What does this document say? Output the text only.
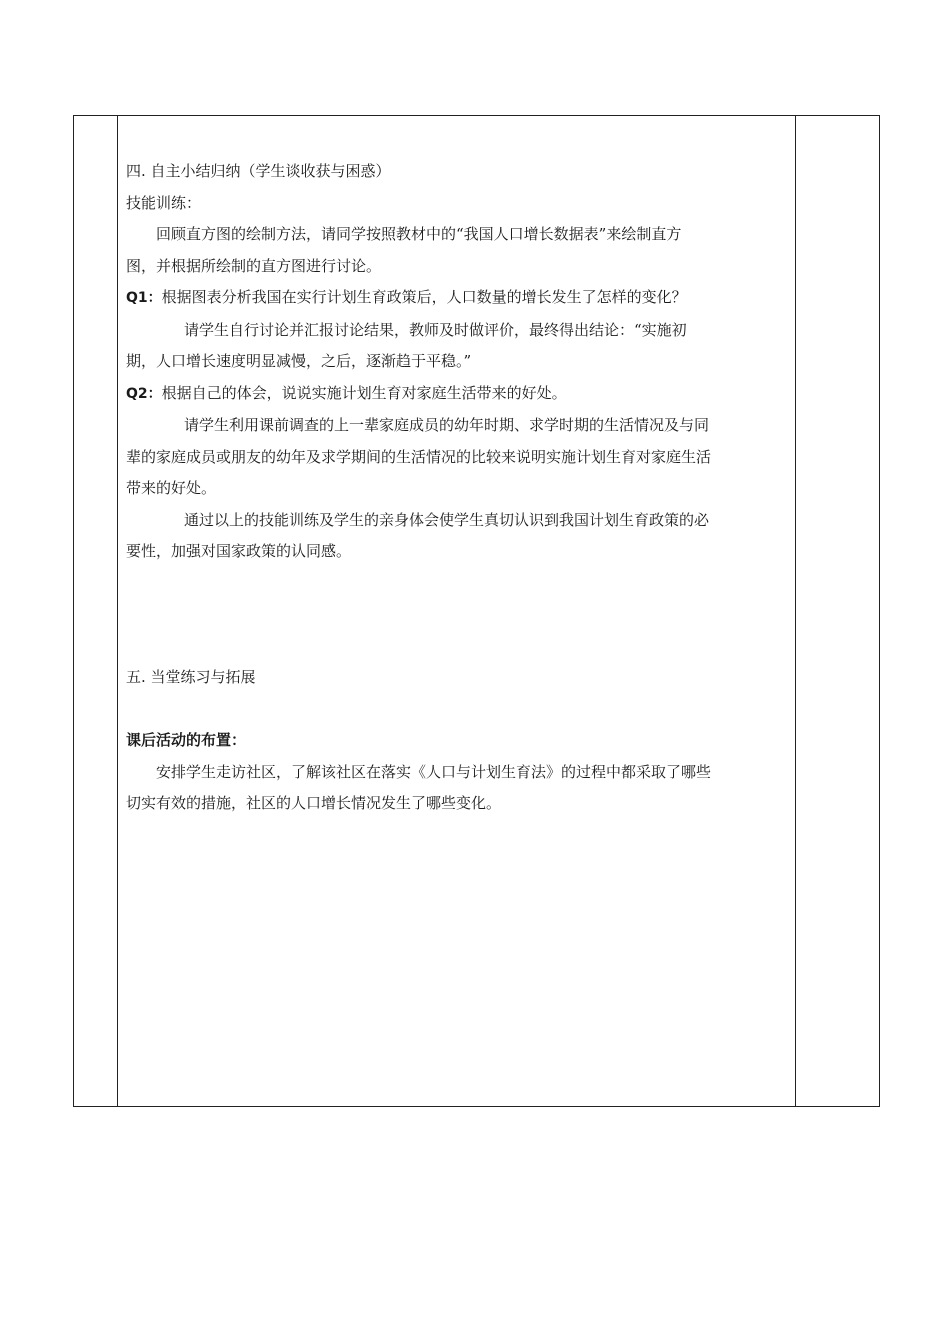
四. 自主小结归纳（学生谈收获与困惑）

技能训练：

回顾直方图的绘制方法，请同学按照教材中的“我国人口增长数据表”来绘制直方

图，并根据所绘制的直方图进行讨论。

Q1：根据图表分析我国在实行计划生育政策后，人口数量的增长发生了怎样的变化？

请学生自行讨论并汇报讨论结果，教师及时做评价，最终得出结论：“实施初

期，人口增长速度明显减慢，之后，逐渐趋于平稳。”

Q2：根据自己的体会，说说实施计划生育对家庭生活带来的好处。

请学生利用课前调查的上一辈家庭成员的幼年时期、求学时期的生活情况及与同

辈的家庭成员或朋友的幼年及求学期间的生活情况的比较来说明实施计划生育对家庭生活

带来的好处。

通过以上的技能训练及学生的亲身体会使学生真切认识到我国计划生育政策的必

要性，加强对国家政策的认同感。

五. 当堂练习与拓展

课后活动的布置：

安排学生走访社区，了解该社区在落实《人口与计划生育法》的过程中都采取了哪些

切实有效的措施，社区的人口增长情况发生了哪些变化。
